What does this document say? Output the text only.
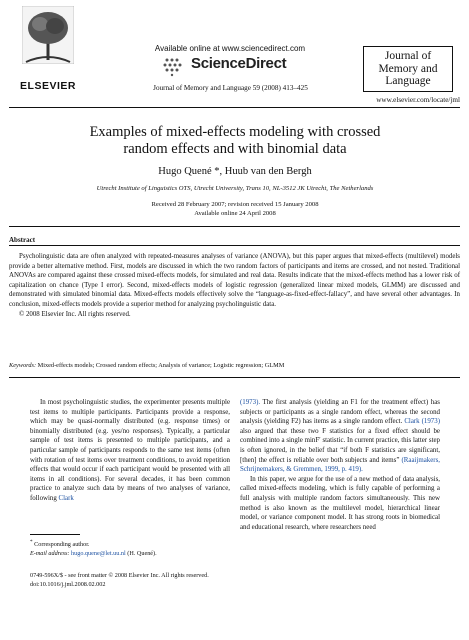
ELSEVIER
Available online at www.sciencedirect.com
ScienceDirect
Journal of Memory and Language 59 (2008) 413–425
Journal of
Memory and
Language
www.elsevier.com/locate/jml
Examples of mixed-effects modeling with crossed
random effects and with binomial data
Hugo Quené *, Huub van den Bergh
Utrecht Institute of Linguistics OTS, Utrecht University, Trans 10, NL-3512 JK Utrecht, The Netherlands
Received 28 February 2007; revision received 15 January 2008
Available online 24 April 2008
Abstract

Psycholinguistic data are often analyzed with repeated-measures analyses of variance (ANOVA), but this paper argues that mixed-effects (multilevel) models provide a better alternative method. First, models are discussed in which the two random factors of participants and items are crossed, and not nested. Traditional ANOVAs are compared against these crossed mixed-effects models, for simulated and real data. Results indicate that the mixed-effects method has a lower risk of capitalization on chance (Type I error). Second, mixed-effects models of logistic regression (generalized linear mixed models, GLMM) are discussed and demonstrated with simulated binomial data. Mixed-effects models effectively solve the “language-as-fixed-effect-fallacy”, and have several other advantages. In conclusion, mixed-effects models provide a superior method for analyzing psycholinguistic data.

© 2008 Elsevier Inc. All rights reserved.

Keywords: Mixed-effects models; Crossed random effects; Analysis of variance; Logistic regression; GLMM

In most psycholinguistic studies, the experimenter presents multiple test items to multiple participants. Participants provide a response, which may be quasi-normally distributed (e.g. response times) or binomially distributed (e.g. yes/no responses). Typically, a particular sample of test items is presented to multiple participants, and a particular sample of participants responds to the same test items (often with rotation of test items over treatment conditions, to avoid repetition effects that would occur if each participant would be presented with all items in all conditions). For several decades, it has been common practice to analyze such data by means of two analyses of variance, following Clark

(1973). The first analysis (yielding an F1 for the treatment effect) has subjects or participants as a single random effect, whereas the second analysis (yielding F2) has items as a single random effect. Clark (1973) also argued that these two F statistics for a fixed effect should be combined into a single minF′ statistic. In current practice, this latter step is often ignored, in the belief that “if both F statistics are significant, [then] the effect is reliable over both subjects and items” (Raaijmakers, Schrijnemakers, & Gremmen, 1999, p. 419).

In this paper, we argue for the use of a new method of data analysis, called mixed-effects modeling, which is fully capable of performing a full analysis with multiple random factors simultaneously. This new method is also known as the multilevel model, hierarchical linear model, or variance component model. It has strong roots in biomedical and educational research, where researchers need

* Corresponding author.
E-mail address: hugo.quene@let.uu.nl (H. Quené).
0749-596X/$ - see front matter © 2008 Elsevier Inc. All rights reserved.
doi:10.1016/j.jml.2008.02.002
